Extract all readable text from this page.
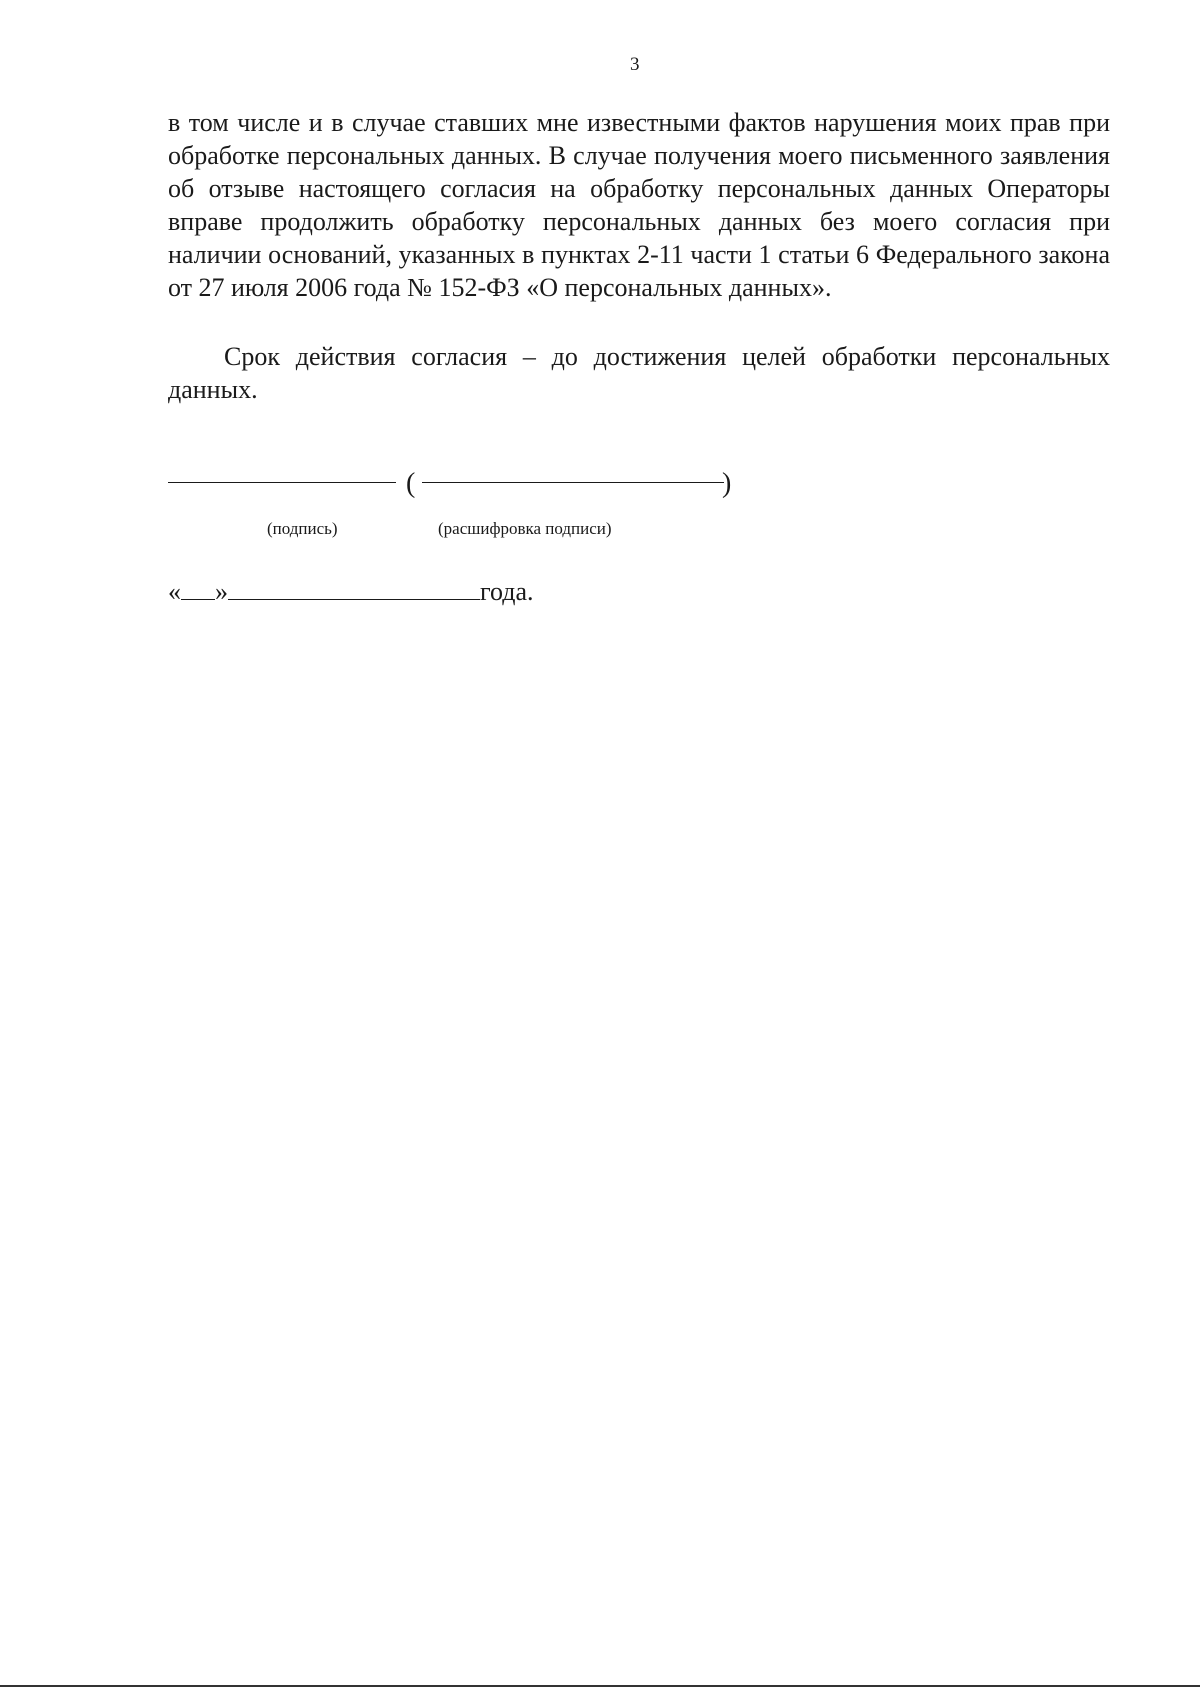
3

в том числе и в случае ставших мне известными фактов нарушения моих прав при обработке персональных данных. В случае получения моего письменного заявления об отзыве настоящего согласия на обработку персональных данных Операторы вправе продолжить обработку персональных данных без моего согласия при наличии оснований, указанных в пунктах 2-11 части 1 статьи 6 Федерального закона от 27 июля 2006 года № 152-ФЗ «О персональных данных».

Срок действия согласия – до достижения целей обработки персональных данных.

(	)
(подпись)	(расшифровка подписи)
« »	года.
